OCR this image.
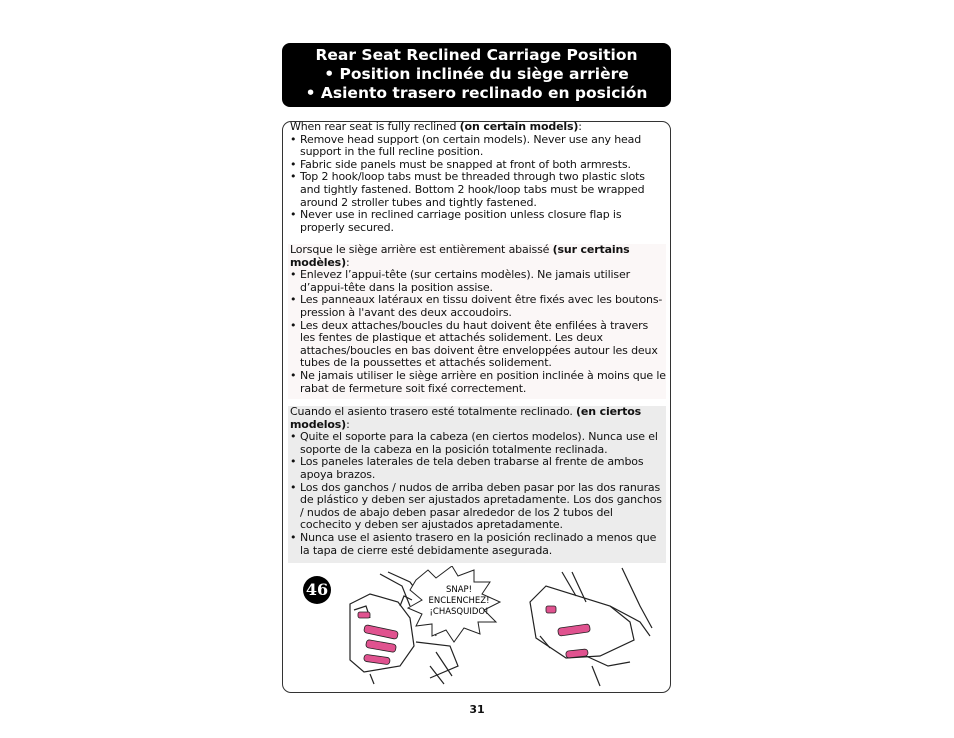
Rear Seat Reclined Carriage Position
• Position inclinée du siège arrière
• Asiento trasero reclinado en posición

When rear seat is fully reclined (on certain models):

• Remove head support (on certain models). Never use any head support in the full recline position.
• Fabric side panels must be snapped at front of both armrests.
• Top 2 hook/loop tabs must be threaded through two plastic slots and tightly fastened. Bottom 2 hook/loop tabs must be wrapped around 2 stroller tubes and tightly fastened.
• Never use in reclined carriage position unless closure flap is properly secured.

Lorsque le siège arrière est entièrement abaissé (sur certains modèles):

• Enlevez l’appui-tête (sur certains modèles). Ne jamais utiliser d’appui-tête dans la position assise.
• Les panneaux latéraux en tissu doivent être fixés avec les boutons-pression à l'avant des deux accoudoirs.
• Les deux attaches/boucles du haut doivent ête enfilées à travers les fentes de plastique et attachés solidement. Les deux attaches/boucles en bas doivent être enveloppées autour les deux tubes de la poussettes et attachés solidement.
• Ne jamais utiliser le siège arrière en position inclinée à moins que le rabat de fermeture soit fixé correctement.

Cuando el asiento trasero esté totalmente reclinado. (en ciertos modelos):

• Quite el soporte para la cabeza (en ciertos modelos). Nunca use el soporte de la cabeza en la posición totalmente reclinada.
• Los paneles laterales de tela deben trabarse al frente de ambos apoya brazos.
• Los dos ganchos / nudos de arriba deben pasar por las dos ranuras de plástico y deben ser ajustados apretadamente. Los dos ganchos / nudos de abajo deben pasar alrededor de los 2 tubos del cochecito y deben ser ajustados apretadamente.
• Nunca use el asiento trasero en la posición reclinado a menos que la tapa de cierre esté debidamente asegurada.
46	SNAP!
ENCLENCHEZ!
¡CHASQUIDO!
31
